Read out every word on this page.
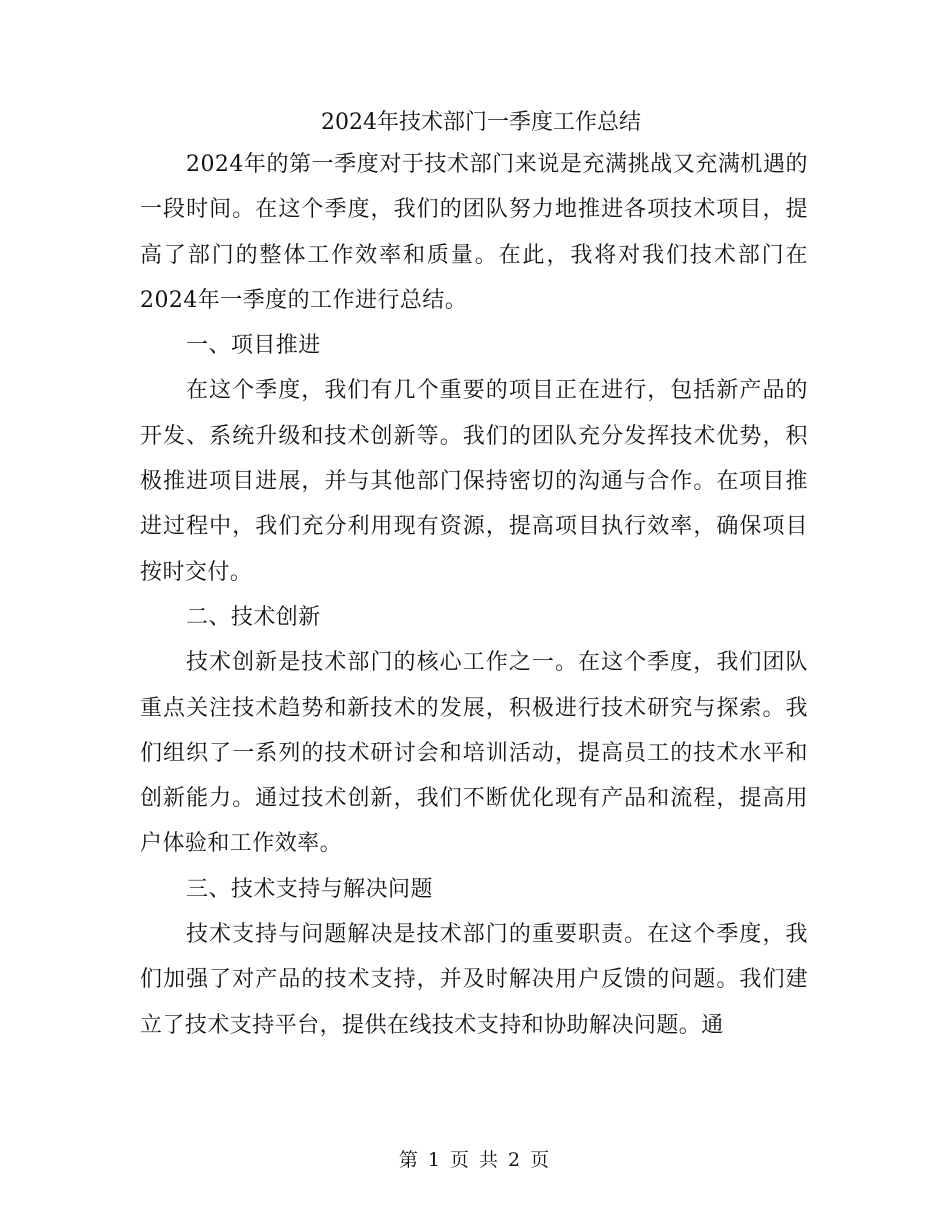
2024年技术部门一季度工作总结

2024年的第一季度对于技术部门来说是充满挑战又充满机遇的一段时间。在这个季度，我们的团队努力地推进各项技术项目，提高了部门的整体工作效率和质量。在此，我将对我们技术部门在2024年一季度的工作进行总结。

一、项目推进

在这个季度，我们有几个重要的项目正在进行，包括新产品的开发、系统升级和技术创新等。我们的团队充分发挥技术优势，积极推进项目进展，并与其他部门保持密切的沟通与合作。在项目推进过程中，我们充分利用现有资源，提高项目执行效率，确保项目按时交付。

二、技术创新

技术创新是技术部门的核心工作之一。在这个季度，我们团队重点关注技术趋势和新技术的发展，积极进行技术研究与探索。我们组织了一系列的技术研讨会和培训活动，提高员工的技术水平和创新能力。通过技术创新，我们不断优化现有产品和流程，提高用户体验和工作效率。

三、技术支持与解决问题

技术支持与问题解决是技术部门的重要职责。在这个季度，我们加强了对产品的技术支持，并及时解决用户反馈的问题。我们建立了技术支持平台，提供在线技术支持和协助解决问题。通

第 1 页 共 2 页
